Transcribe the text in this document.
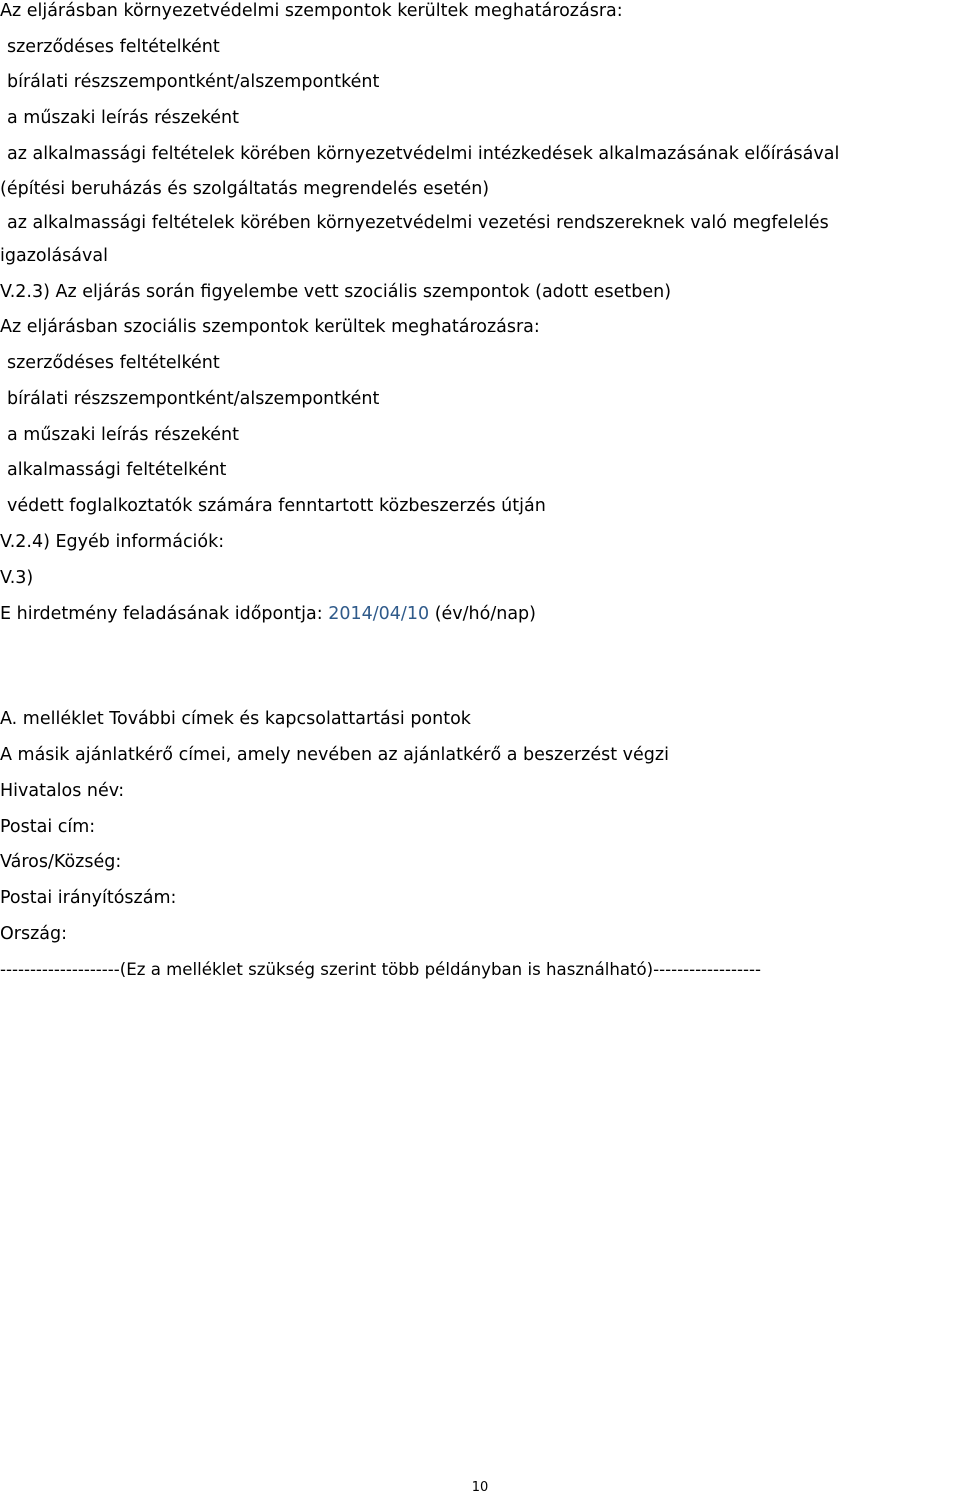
Az eljárásban környezetvédelmi szempontok kerültek meghatározásra:
szerződéses feltételként
bírálati részszempontként/alszempontként
a műszaki leírás részeként
az alkalmassági feltételek körében környezetvédelmi intézkedések alkalmazásának előírásával
(építési beruházás és szolgáltatás megrendelés esetén)
az alkalmassági feltételek körében környezetvédelmi vezetési rendszereknek való megfelelés
igazolásával
V.2.3) Az eljárás során figyelembe vett szociális szempontok (adott esetben)
Az eljárásban szociális szempontok kerültek meghatározásra:
szerződéses feltételként
bírálati részszempontként/alszempontként
a műszaki leírás részeként
alkalmassági feltételként
védett foglalkoztatók számára fenntartott közbeszerzés útján
V.2.4) Egyéb információk:
V.3)
E hirdetmény feladásának időpontja: 2014/04/10 (év/hó/nap)
A. melléklet További címek és kapcsolattartási pontok
A másik ajánlatkérő címei, amely nevében az ajánlatkérő a beszerzést végzi
Hivatalos név:
Postai cím:
Város/Község:
Postai irányítószám:
Ország:
--------------------(Ez a melléklet szükség szerint több példányban is használható)------------------
10
